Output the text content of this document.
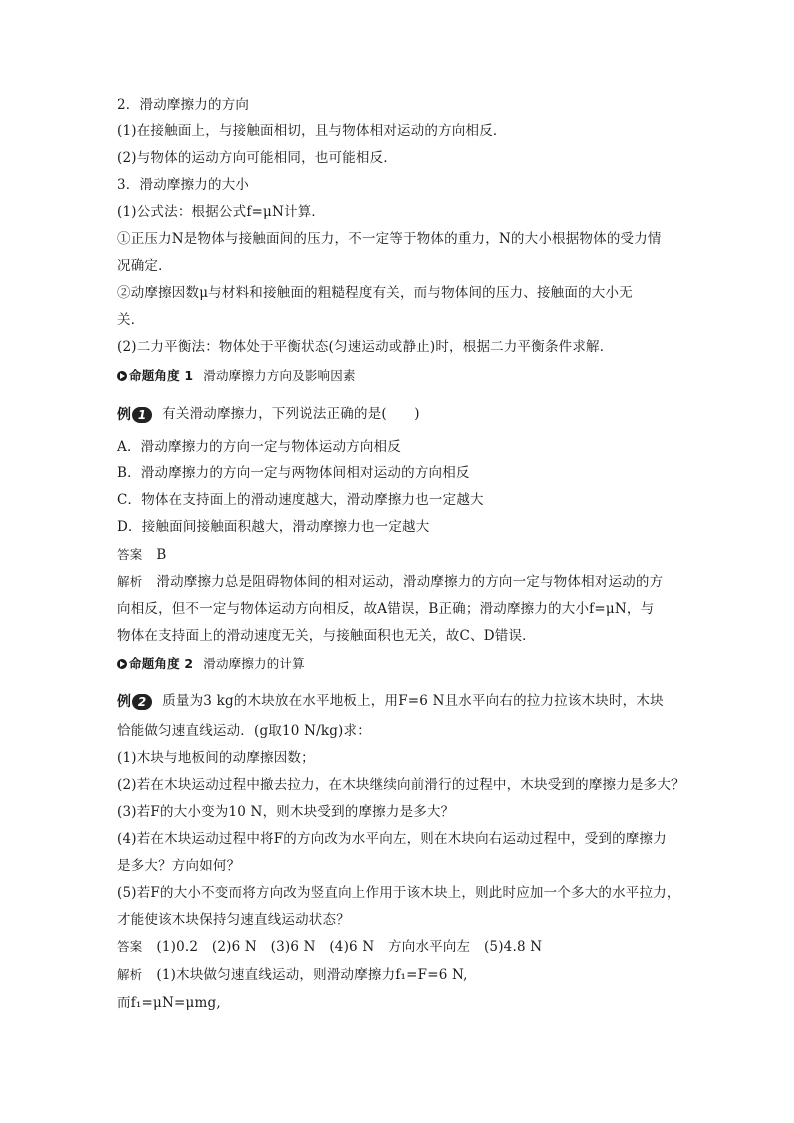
2．滑动摩擦力的方向
(1)在接触面上，与接触面相切，且与物体相对运动的方向相反．
(2)与物体的运动方向可能相同，也可能相反．
3．滑动摩擦力的大小
(1)公式法：根据公式f=μN计算．
①正压力N是物体与接触面间的压力，不一定等于物体的重力，N的大小根据物体的受力情
况确定．
②动摩擦因数μ与材料和接触面的粗糙程度有关，而与物体间的压力、接触面的大小无
关．
(2)二力平衡法：物体处于平衡状态(匀速运动或静止)时，根据二力平衡条件求解．
命题角度 1 滑动摩擦力方向及影响因素
例 1 有关滑动摩擦力，下列说法正确的是(　　)
A．滑动摩擦力的方向一定与物体运动方向相反
B．滑动摩擦力的方向一定与两物体间相对运动的方向相反
C．物体在支持面上的滑动速度越大，滑动摩擦力也一定越大
D．接触面间接触面积越大，滑动摩擦力也一定越大
答案 B
解析 滑动摩擦力总是阻碍物体间的相对运动，滑动摩擦力的方向一定与物体相对运动的方
向相反，但不一定与物体运动方向相反，故A错误，B正确；滑动摩擦力的大小f=μN，与
物体在支持面上的滑动速度无关，与接触面积也无关，故C、D错误．
命题角度 2 滑动摩擦力的计算
例 2 质量为3 kg的木块放在水平地板上，用F=6 N且水平向右的拉力拉该木块时，木块
恰能做匀速直线运动．(g取10 N/kg)求：
(1)木块与地板间的动摩擦因数；
(2)若在木块运动过程中撤去拉力，在木块继续向前滑行的过程中，木块受到的摩擦力是多大？
(3)若F的大小变为10 N，则木块受到的摩擦力是多大？
(4)若在木块运动过程中将F的方向改为水平向左，则在木块向右运动过程中，受到的摩擦力
是多大？方向如何？
(5)若F的大小不变而将方向改为竖直向上作用于该木块上，则此时应加一个多大的水平拉力，
才能使该木块保持匀速直线运动状态？
答案 (1)0.2　(2)6 N　(3)6 N　(4)6 N　方向水平向左　(5)4.8 N
解析 (1)木块做匀速直线运动，则滑动摩擦力f₁=F=6 N,
而f₁=μN=μmg,
